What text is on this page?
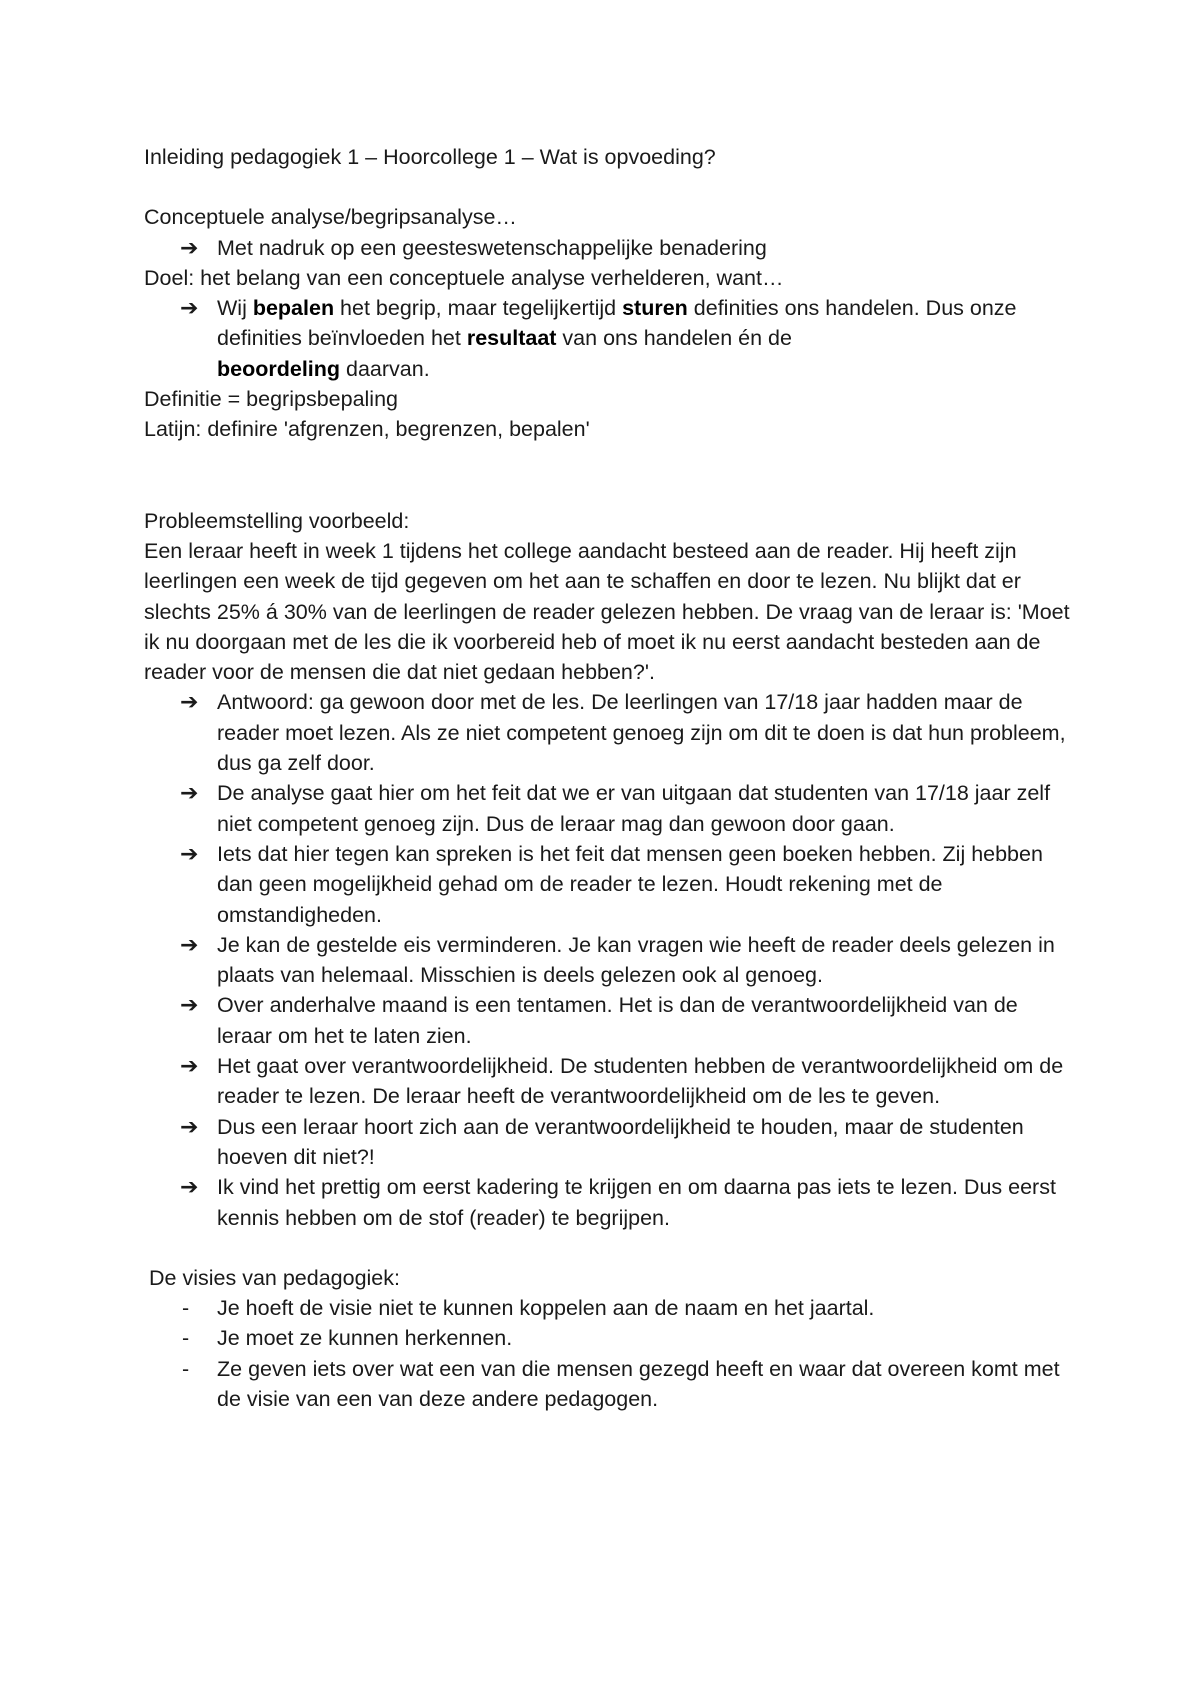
Inleiding pedagogiek 1 – Hoorcollege 1 – Wat is opvoeding?

Conceptuele analyse/begripsanalyse…

➔ Met nadruk op een geesteswetenschappelijke benadering

Doel: het belang van een conceptuele analyse verhelderen, want…

➔ Wij bepalen het begrip, maar tegelijkertijd sturen definities ons handelen. Dus onze definities beïnvloeden het resultaat van ons handelen én de
beoordeling daarvan.

Definitie = begripsbepaling

Latijn: definire 'afgrenzen, begrenzen, bepalen'

Probleemstelling voorbeeld:

Een leraar heeft in week 1 tijdens het college aandacht besteed aan de reader. Hij heeft zijn leerlingen een week de tijd gegeven om het aan te schaffen en door te lezen. Nu blijkt dat er slechts 25% á 30% van de leerlingen de reader gelezen hebben. De vraag van de leraar is: 'Moet ik nu doorgaan met de les die ik voorbereid heb of moet ik nu eerst aandacht besteden aan de reader voor de mensen die dat niet gedaan hebben?'.

➔ Antwoord: ga gewoon door met de les. De leerlingen van 17/18 jaar hadden maar de reader moet lezen. Als ze niet competent genoeg zijn om dit te doen is dat hun probleem, dus ga zelf door.
➔ De analyse gaat hier om het feit dat we er van uitgaan dat studenten van 17/18 jaar zelf niet competent genoeg zijn. Dus de leraar mag dan gewoon door gaan.
➔ Iets dat hier tegen kan spreken is het feit dat mensen geen boeken hebben. Zij hebben dan geen mogelijkheid gehad om de reader te lezen. Houdt rekening met de omstandigheden.
➔ Je kan de gestelde eis verminderen. Je kan vragen wie heeft de reader deels gelezen in plaats van helemaal. Misschien is deels gelezen ook al genoeg.
➔ Over anderhalve maand is een tentamen. Het is dan de verantwoordelijkheid van de leraar om het te laten zien.
➔ Het gaat over verantwoordelijkheid. De studenten hebben de verantwoordelijkheid om de reader te lezen. De leraar heeft de verantwoordelijkheid om de les te geven.
➔ Dus een leraar hoort zich aan de verantwoordelijkheid te houden, maar de studenten hoeven dit niet?!
➔ Ik vind het prettig om eerst kadering te krijgen en om daarna pas iets te lezen. Dus eerst kennis hebben om de stof (reader) te begrijpen.

De visies van pedagogiek:

- Je hoeft de visie niet te kunnen koppelen aan de naam en het jaartal.
- Je moet ze kunnen herkennen.
- Ze geven iets over wat een van die mensen gezegd heeft en waar dat overeen komt met de visie van een van deze andere pedagogen.
